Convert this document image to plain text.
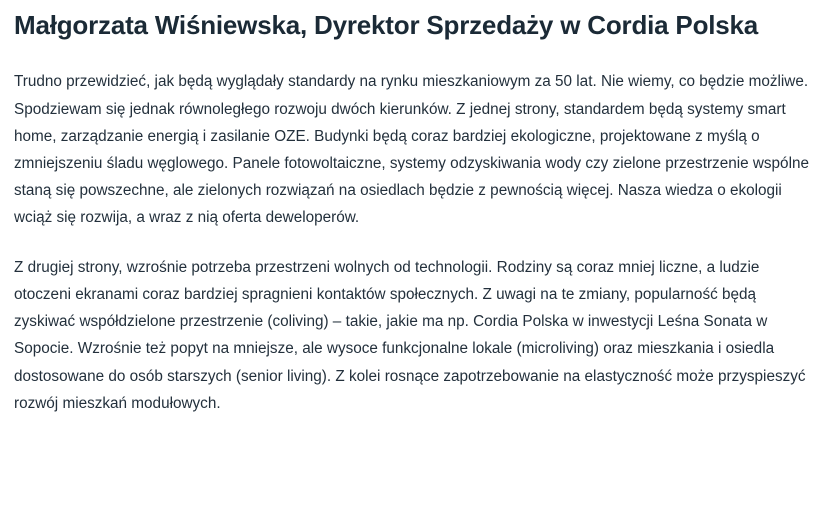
Małgorzata Wiśniewska, Dyrektor Sprzedaży w Cordia Polska

Trudno przewidzieć, jak będą wyglądały standardy na rynku mieszkaniowym za 50 lat. Nie wiemy, co będzie możliwe. Spodziewam się jednak równoległego rozwoju dwóch kierunków. Z jednej strony, standardem będą systemy smart home, zarządzanie energią i zasilanie OZE. Budynki będą coraz bardziej ekologiczne, projektowane z myślą o zmniejszeniu śladu węglowego. Panele fotowoltaiczne, systemy odzyskiwania wody czy zielone przestrzenie wspólne staną się powszechne, ale zielonych rozwiązań na osiedlach będzie z pewnością więcej. Nasza wiedza o ekologii wciąż się rozwija, a wraz z nią oferta deweloperów.

Z drugiej strony, wzrośnie potrzeba przestrzeni wolnych od technologii. Rodziny są coraz mniej liczne, a ludzie otoczeni ekranami coraz bardziej spragnieni kontaktów społecznych. Z uwagi na te zmiany, popularność będą zyskiwać współdzielone przestrzenie (coliving) – takie, jakie ma np. Cordia Polska w inwestycji Leśna Sonata w Sopocie. Wzrośnie też popyt na mniejsze, ale wysoce funkcjonalne lokale (microliving) oraz mieszkania i osiedla dostosowane do osób starszych (senior living). Z kolei rosnące zapotrzebowanie na elastyczność może przyspieszyć rozwój mieszkań modułowych.
